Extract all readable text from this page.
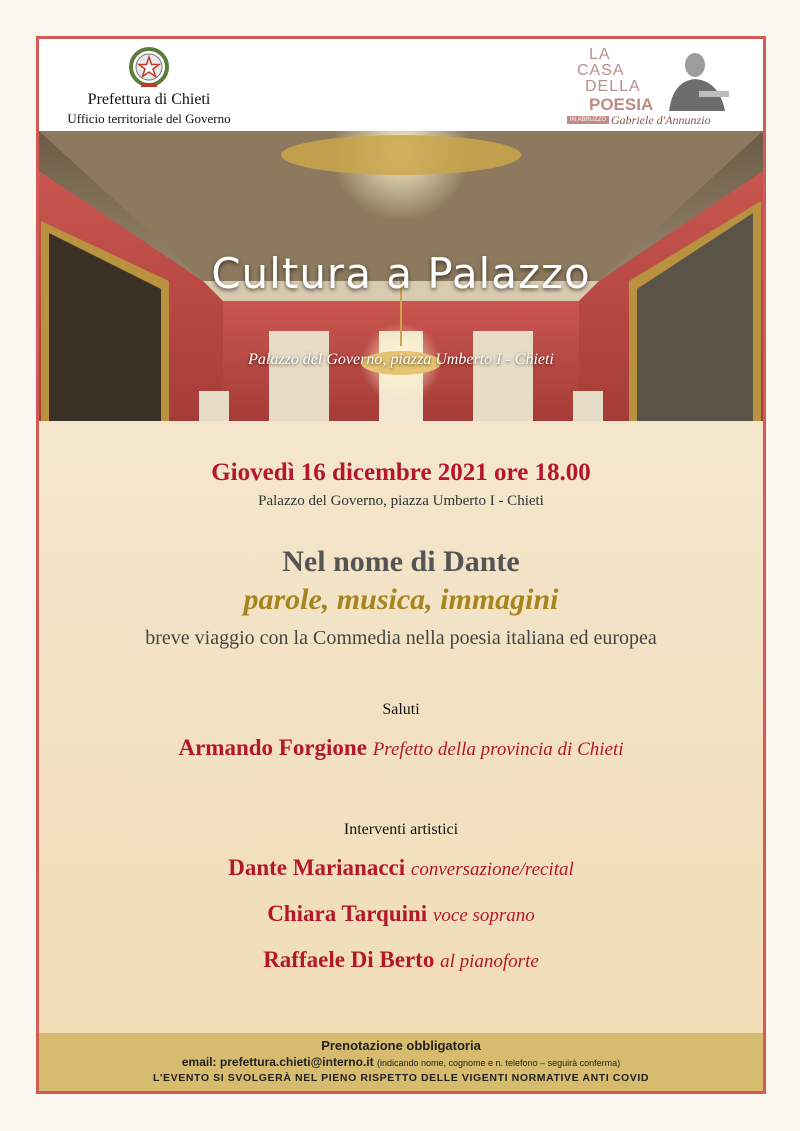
Prefettura di Chieti
Ufficio territoriale del Governo
LA
CASA
DELLA
POESIA
IN ABRUZZO Gabriele d'Annunzio
Cultura a Palazzo
Palazzo del Governo, piazza Umberto I - Chieti
Giovedì 16 dicembre 2021 ore 18.00
Palazzo del Governo, piazza Umberto I - Chieti
Nel nome di Dante
parole, musica, immagini
breve viaggio con la Commedia nella poesia italiana ed europea
Saluti
Armando Forgione Prefetto della provincia di Chieti
Interventi artistici
Dante Marianacci conversazione/recital
Chiara Tarquini voce soprano
Raffaele Di Berto al pianoforte
Prenotazione obbligatoria
email: prefettura.chieti@interno.it (indicando nome, cognome e n. telefono – seguirà conferma)
L'EVENTO SI SVOLGERÀ NEL PIENO RISPETTO DELLE VIGENTI NORMATIVE ANTI COVID
